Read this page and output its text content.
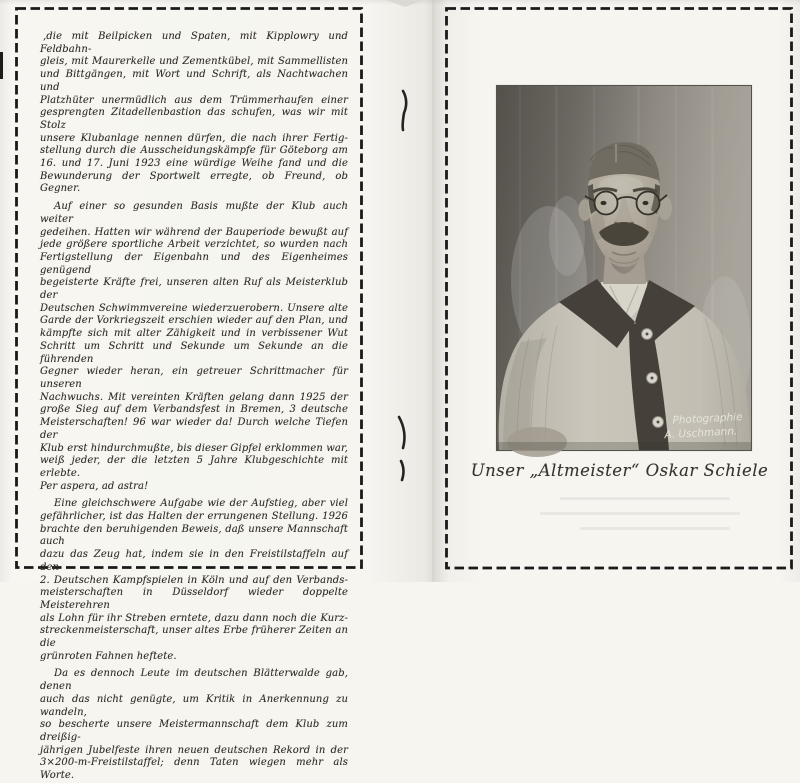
‚die mit Beilpicken und Spaten, mit Kipplowry und Feldbahn-
gleis, mit Maurerkelle und Zementkübel, mit Sammellisten
und Bittgängen, mit Wort und Schrift, als Nachtwachen und
Platzhüter unermüdlich aus dem Trümmerhaufen einer
gesprengten Zitadellenbastion das schufen, was wir mit Stolz
unsere Klubanlage nennen dürfen, die nach ihrer Fertig-
stellung durch die Ausscheidungskämpfe für Göteborg am
16. und 17. Juni 1923 eine würdige Weihe fand und die
Bewunderung der Sportwelt erregte, ob Freund, ob Gegner.
Auf einer so gesunden Basis mußte der Klub auch weiter
gedeihen. Hatten wir während der Bauperiode bewußt auf
jede größere sportliche Arbeit verzichtet, so wurden nach
Fertigstellung der Eigenbahn und des Eigenheimes genügend
begeisterte Kräfte frei, unseren alten Ruf als Meisterklub der
Deutschen Schwimmvereine wiederzuerobern. Unsere alte
Garde der Vorkriegszeit erschien wieder auf den Plan, und
kämpfte sich mit alter Zähigkeit und in verbissener Wut
Schritt um Schritt und Sekunde um Sekunde an die führenden
Gegner wieder heran, ein getreuer Schrittmacher für unseren
Nachwuchs. Mit vereinten Kräften gelang dann 1925 der
große Sieg auf dem Verbandsfest in Bremen, 3 deutsche
Meisterschaften! 96 war wieder da! Durch welche Tiefen der
Klub erst hindurchmußte, bis dieser Gipfel erklommen war,
weiß jeder, der die letzten 5 Jahre Klubgeschichte mit erlebte.
Per aspera, ad astra!
Eine gleichschwere Aufgabe wie der Aufstieg, aber viel
gefährlicher, ist das Halten der errungenen Stellung. 1926
brachte den beruhigenden Beweis, daß unsere Mannschaft auch
dazu das Zeug hat, indem sie in den Freistilstaffeln auf den
2. Deutschen Kampfspielen in Köln und auf den Verbands-
meisterschaften in Düsseldorf wieder doppelte Meisterehren
als Lohn für ihr Streben erntete, dazu dann noch die Kurz-
streckenmeisterschaft, unser altes Erbe früherer Zeiten an die
grünroten Fahnen heftete.
Da es dennoch Leute im deutschen Blätterwalde gab, denen
auch das nicht genügte, um Kritik in Anerkennung zu wandeln,
so bescherte unsere Meistermannschaft dem Klub zum dreißig-
jährigen Jubelfeste ihren neuen deutschen Rekord in der
3×200-m-Freistilstaffel; denn Taten wiegen mehr als Worte.
Photographie
A. Uschmann.
Unser „Altmeister“ Oskar Schiele
